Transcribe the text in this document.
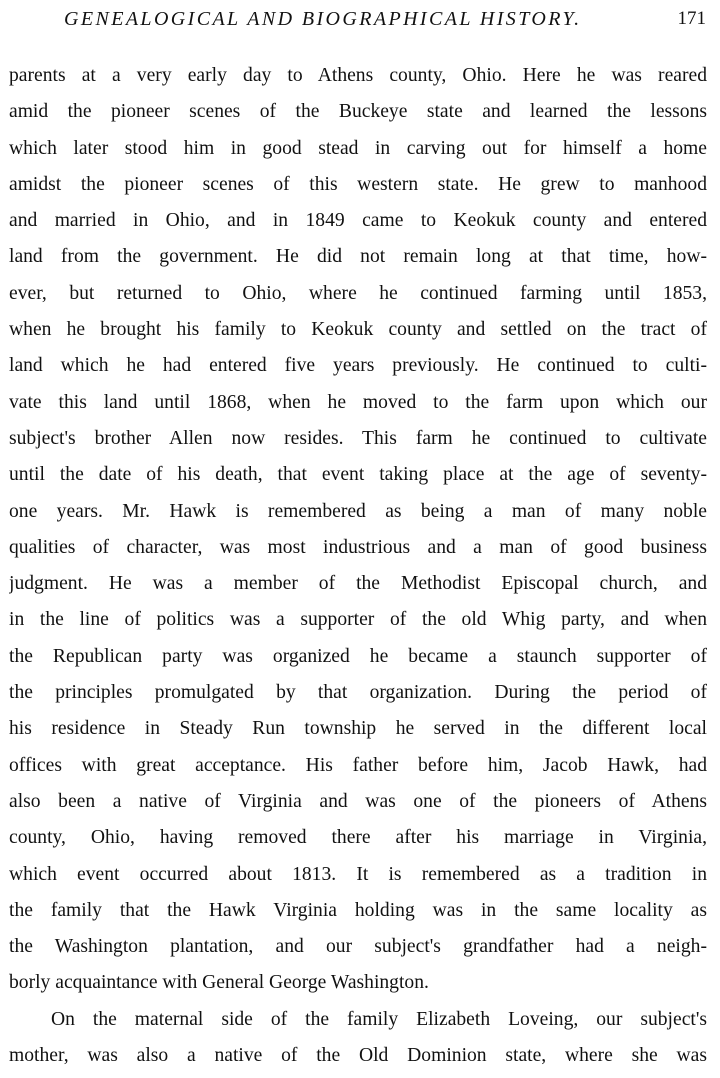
GENEALOGICAL AND BIOGRAPHICAL HISTORY.	171
parents at a very early day to Athens county, Ohio. Here he was reared
amid the pioneer scenes of the Buckeye state and learned the lessons
which later stood him in good stead in carving out for himself a home
amidst the pioneer scenes of this western state. He grew to manhood
and married in Ohio, and in 1849 came to Keokuk county and entered
land from the government. He did not remain long at that time, how-
ever, but returned to Ohio, where he continued farming until 1853,
when he brought his family to Keokuk county and settled on the tract of
land which he had entered five years previously. He continued to culti-
vate this land until 1868, when he moved to the farm upon which our
subject's brother Allen now resides. This farm he continued to cultivate
until the date of his death, that event taking place at the age of seventy-
one years. Mr. Hawk is remembered as being a man of many noble
qualities of character, was most industrious and a man of good business
judgment. He was a member of the Methodist Episcopal church, and
in the line of politics was a supporter of the old Whig party, and when
the Republican party was organized he became a staunch supporter of
the principles promulgated by that organization. During the period of
his residence in Steady Run township he served in the different local
offices with great acceptance. His father before him, Jacob Hawk, had
also been a native of Virginia and was one of the pioneers of Athens
county, Ohio, having removed there after his marriage in Virginia,
which event occurred about 1813. It is remembered as a tradition in
the family that the Hawk Virginia holding was in the same locality as
the Washington plantation, and our subject's grandfather had a neigh-
borly acquaintance with General George Washington.
On the maternal side of the family Elizabeth Loveing, our subject's
mother, was also a native of the Old Dominion state, where she was
